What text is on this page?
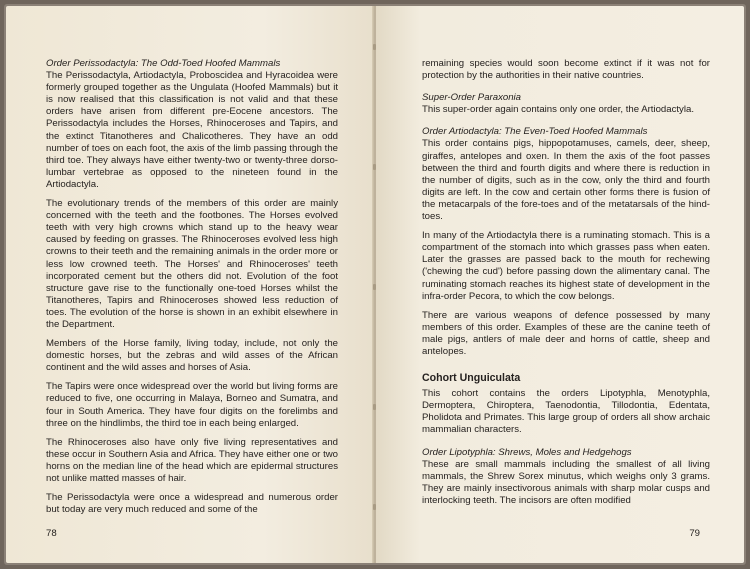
Order Perissodactyla: The Odd-Toed Hoofed Mammals

The Perissodactyla, Artiodactyla, Proboscidea and Hyracoidea were formerly grouped together as the Ungulata (Hoofed Mammals) but it is now realised that this classification is not valid and that these orders have arisen from different pre-Eocene ancestors. The Perissodactyla includes the Horses, Rhinoceroses and Tapirs, and the extinct Titanotheres and Chalicotheres. They have an odd number of toes on each foot, the axis of the limb passing through the third toe. They always have either twenty-two or twenty-three dorso-lumbar vertebrae as opposed to the nineteen found in the Artiodactyla.

The evolutionary trends of the members of this order are mainly concerned with the teeth and the footbones. The Horses evolved teeth with very high crowns which stand up to the heavy wear caused by feeding on grasses. The Rhinoceroses evolved less high crowns to their teeth and the remaining animals in the order more or less low crowned teeth. The Horses' and Rhinoceroses' teeth incorporated cement but the others did not. Evolution of the foot structure gave rise to the functionally one-toed Horses whilst the Titanotheres, Tapirs and Rhinoceroses showed less reduction of toes. The evolution of the horse is shown in an exhibit elsewhere in the Department.

Members of the Horse family, living today, include, not only the domestic horses, but the zebras and wild asses of the African continent and the wild asses and horses of Asia.

The Tapirs were once widespread over the world but living forms are reduced to five, one occurring in Malaya, Borneo and Sumatra, and four in South America. They have four digits on the forelimbs and three on the hindlimbs, the third toe in each being enlarged.

The Rhinoceroses also have only five living representatives and these occur in Southern Asia and Africa. They have either one or two horns on the median line of the head which are epidermal structures not unlike matted masses of hair.

The Perissodactyla were once a widespread and numerous order but today are very much reduced and some of the

78

remaining species would soon become extinct if it was not for protection by the authorities in their native countries.

Super-Order Paraxonia

This super-order again contains only one order, the Artiodactyla.

Order Artiodactyla: The Even-Toed Hoofed Mammals

This order contains pigs, hippopotamuses, camels, deer, sheep, giraffes, antelopes and oxen. In them the axis of the foot passes between the third and fourth digits and where there is reduction in the number of digits, such as in the cow, only the third and fourth digits are left. In the cow and certain other forms there is fusion of the metacarpals of the fore-toes and of the metatarsals of the hind-toes.

In many of the Artiodactyla there is a ruminating stomach. This is a compartment of the stomach into which grasses pass when eaten. Later the grasses are passed back to the mouth for rechewing ('chewing the cud') before passing down the alimentary canal. The ruminating stomach reaches its highest state of development in the infra-order Pecora, to which the cow belongs.

There are various weapons of defence possessed by many members of this order. Examples of these are the canine teeth of male pigs, antlers of male deer and horns of cattle, sheep and antelopes.

Cohort Unguiculata

This cohort contains the orders Lipotyphla, Menotyphla, Dermoptera, Chiroptera, Taenodontia, Tillodontia, Edentata, Pholidota and Primates. This large group of orders all show archaic mammalian characters.

Order Lipotyphla: Shrews, Moles and Hedgehogs

These are small mammals including the smallest of all living mammals, the Shrew Sorex minutus, which weighs only 3 grams. They are mainly insectivorous animals with sharp molar cusps and interlocking teeth. The incisors are often modified

79
